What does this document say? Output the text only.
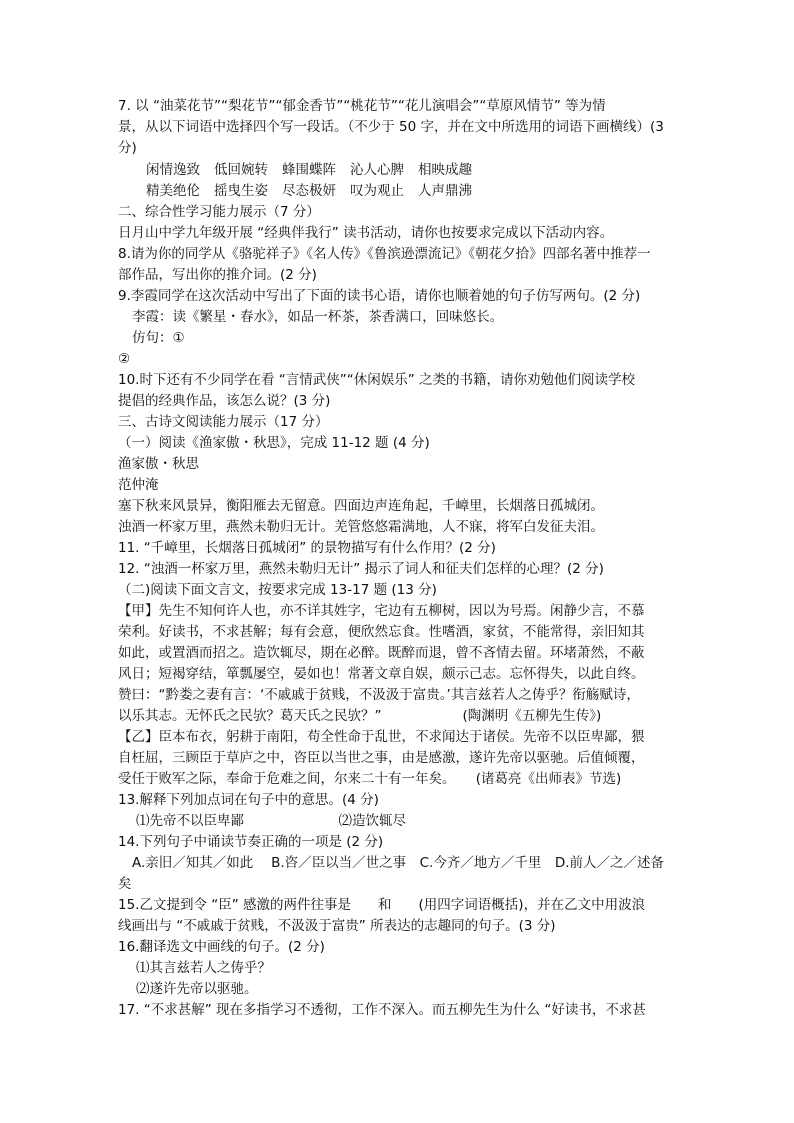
7. 以 “油菜花节”“梨花节”“郁金香节”“桃花节”“花儿演唱会”“草原风情节” 等为情
景，从以下词语中选择四个写一段话。（不少于 50 字，并在文中所选用的词语下画横线）(3
分)
闲情逸致 低回婉转 蜂围蝶阵 沁人心脾 相映成趣
精美绝伦 摇曳生姿 尽态极妍 叹为观止 人声鼎沸
二、综合性学习能力展示（7 分）
日月山中学九年级开展 “经典伴我行” 读书活动，请你也按要求完成以下活动内容。
8.请为你的同学从《骆驼祥子》《名人传》《鲁滨逊漂流记》《朝花夕拾》四部名著中推荐一
部作品，写出你的推介词。(2 分)
9.李霞同学在这次活动中写出了下面的读书心语，请你也顺着她的句子仿写两句。(2 分)
李霞：读《繁星・春水》，如品一杯茶，茶香满口，回味悠长。
仿句：①
②
10.时下还有不少同学在看 “言情武侠”“休闲娱乐” 之类的书籍，请你劝勉他们阅读学校
提倡的经典作品，该怎么说？(3 分)
三、古诗文阅读能力展示（17 分）
（一）阅读《渔家傲・秋思》，完成 11-12 题 (4 分)
渔家傲・秋思
范仲淹
塞下秋来风景异，衡阳雁去无留意。四面边声连角起，千嶂里，长烟落日孤城闭。
浊酒一杯家万里，燕然未勒归无计。羌管悠悠霜满地，人不寐，将军白发征夫泪。
11. “千嶂里，长烟落日孤城闭” 的景物描写有什么作用？(2 分)
12. “浊酒一杯家万里，燕然未勒归无计” 揭示了词人和征夫们怎样的心理？(2 分)
（二)阅读下面文言文，按要求完成 13-17 题 (13 分)
【甲】先生不知何许人也，亦不详其姓字，宅边有五柳树，因以为号焉。闲静少言，不慕
荣利。好读书，不求甚解；每有会意，便欣然忘食。性嗜酒，家贫，不能常得，亲旧知其
如此，或置酒而招之。造饮辄尽，期在必醉。既醉而退，曾不吝情去留。环堵萧然，不蔽
风日；短褐穿结，箪瓢屡空，晏如也！常著文章自娱，颇示己志。忘怀得失，以此自终。
赞曰：“黔娄之妻有言：‘不戚戚于贫贱，不汲汲于富贵。’其言兹若人之俦乎？衔觞赋诗，
以乐其志。无怀氏之民欤？葛天氏之民欤？”　　　　　　(陶渊明《五柳先生传》)
【乙】臣本布衣，躬耕于南阳，苟全性命于乱世，不求闻达于诸侯。先帝不以臣卑鄙，猥
自枉屈，三顾臣于草庐之中，咨臣以当世之事，由是感激，遂许先帝以驱驰。后值倾覆，
受任于败军之际，奉命于危难之间，尔来二十有一年矣。　　(诸葛亮《出师表》节选)
13.解释下列加点词在句子中的意思。(4 分)
⑴先帝不以臣卑鄙　　　　　　　⑵造饮辄尽
14.下列句子中诵读节奏正确的一项是 (2 分)
A.亲旧／知其／如此　 B.咨／臣以当／世之事　C.今齐／地方／千里　D.前人／之／述备
矣
15.乙文提到令 “臣” 感激的两件往事是　　和　　(用四字词语概括)，并在乙文中用波浪
线画出与 “不戚戚于贫贱，不汲汲于富贵” 所表达的志趣同的句子。(3 分)
16.翻译选文中画线的句子。(2 分)
⑴其言兹若人之俦乎？
⑵遂许先帝以驱驰。
17. “不求甚解” 现在多指学习不透彻，工作不深入。而五柳先生为什么 “好读书，不求甚
